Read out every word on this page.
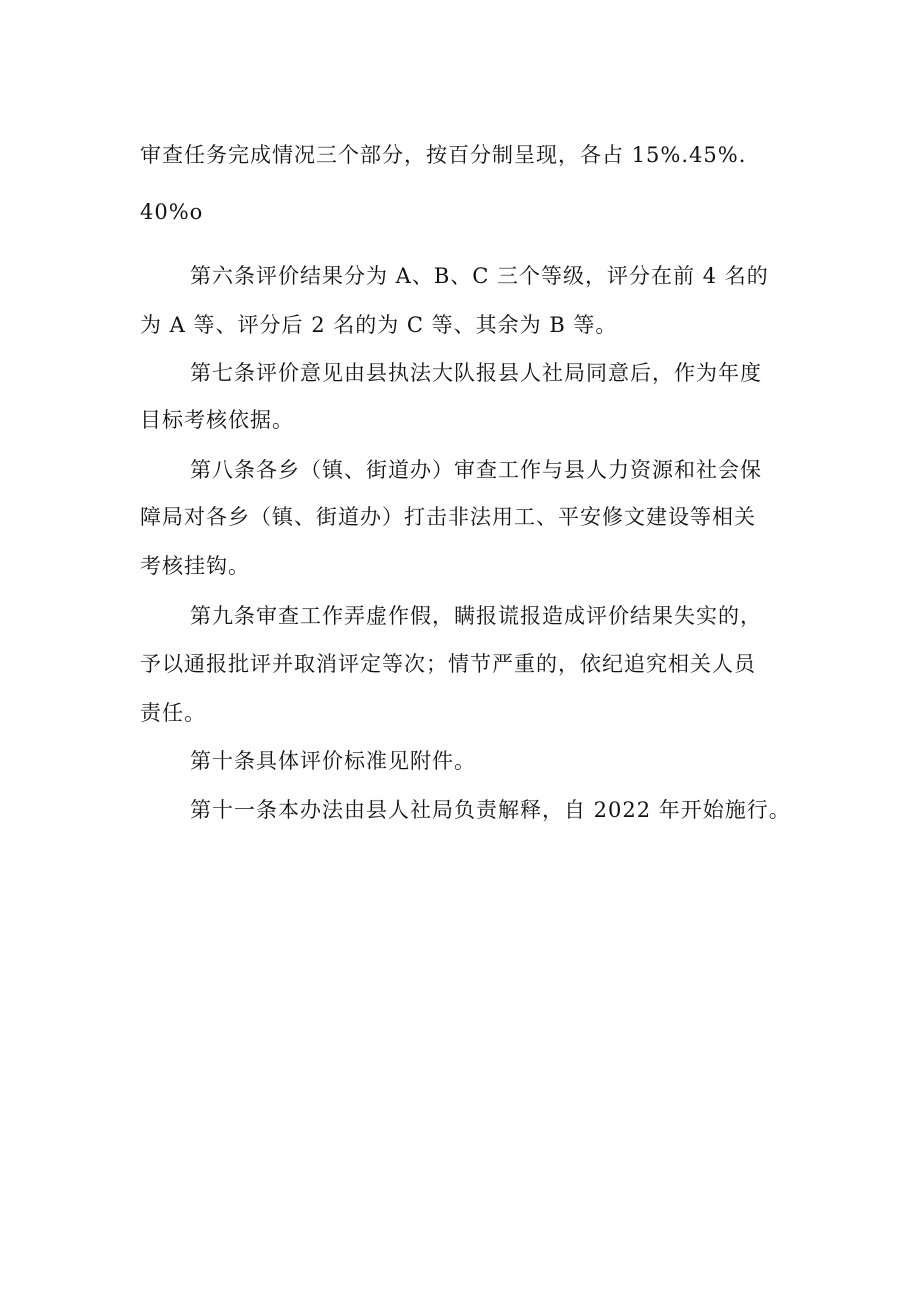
审查任务完成情况三个部分，按百分制呈现，各占 15%.45%.
40%o
第六条评价结果分为 A、B、C 三个等级，评分在前 4 名的
为 A 等、评分后 2 名的为 C 等、其余为 B 等。
第七条评价意见由县执法大队报县人社局同意后，作为年度
目标考核依据。
第八条各乡（镇、街道办）审查工作与县人力资源和社会保
障局对各乡（镇、街道办）打击非法用工、平安修文建设等相关
考核挂钩。
第九条审查工作弄虚作假，瞒报谎报造成评价结果失实的，
予以通报批评并取消评定等次；情节严重的，依纪追究相关人员
责任。
第十条具体评价标准见附件。
第十一条本办法由县人社局负责解释，自 2022 年开始施行。
